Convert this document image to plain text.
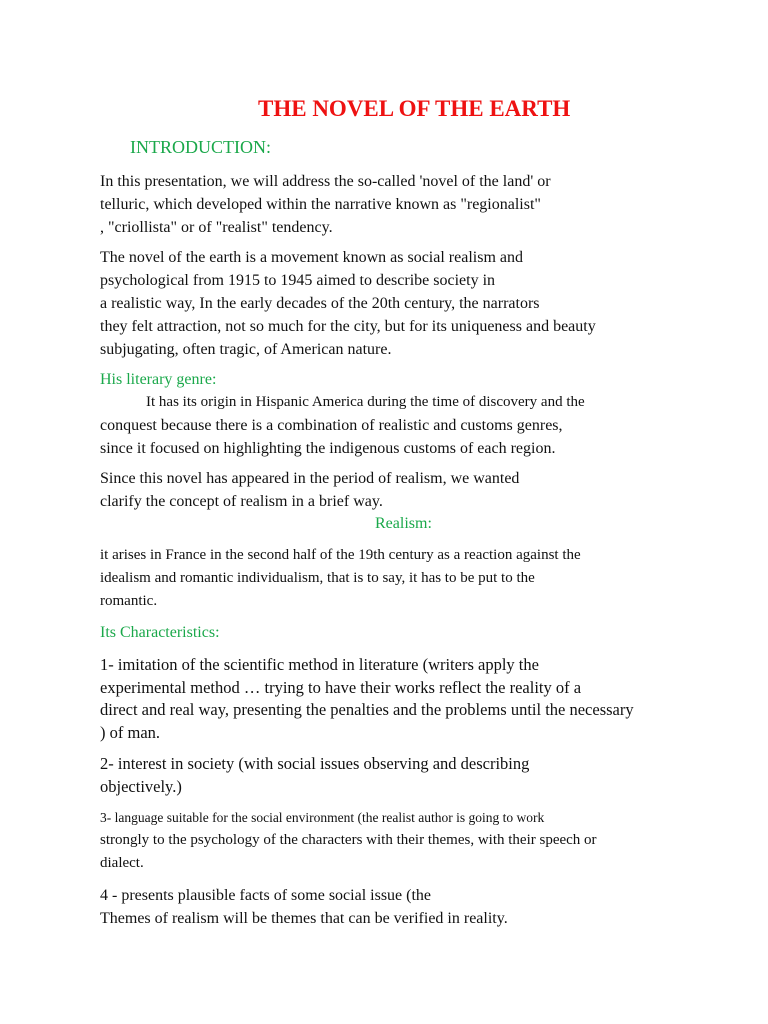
THE NOVEL OF THE EARTH
INTRODUCTION:

In this presentation, we will address the so-called 'novel of the land' or
telluric, which developed within the narrative known as "regionalist"
, "criollista" or of "realist" tendency.

The novel of the earth is a movement known as social realism and
psychological from 1915 to 1945 aimed to describe society in
a realistic way, In the early decades of the 20th century, the narrators
they felt attraction, not so much for the city, but for its uniqueness and beauty
subjugating, often tragic, of American nature.

His literary genre:

It has its origin in Hispanic America during the time of discovery and the
conquest because there is a combination of realistic and customs genres,
since it focused on highlighting the indigenous customs of each region.

Since this novel has appeared in the period of realism, we wanted
clarify the concept of realism in a brief way.

Realism:

it arises in France in the second half of the 19th century as a reaction against the
idealism and romantic individualism, that is to say, it has to be put to the
romantic.

Its Characteristics:

1- imitation of the scientific method in literature (writers apply the
experimental method … trying to have their works reflect the reality of a
direct and real way, presenting the penalties and the problems until the necessary
) of man.

2- interest in society (with social issues observing and describing
objectively.)

3- language suitable for the social environment (the realist author is going to work
strongly to the psychology of the characters with their themes, with their speech or
dialect.

4 - presents plausible facts of some social issue (the
Themes of realism will be themes that can be verified in reality.
